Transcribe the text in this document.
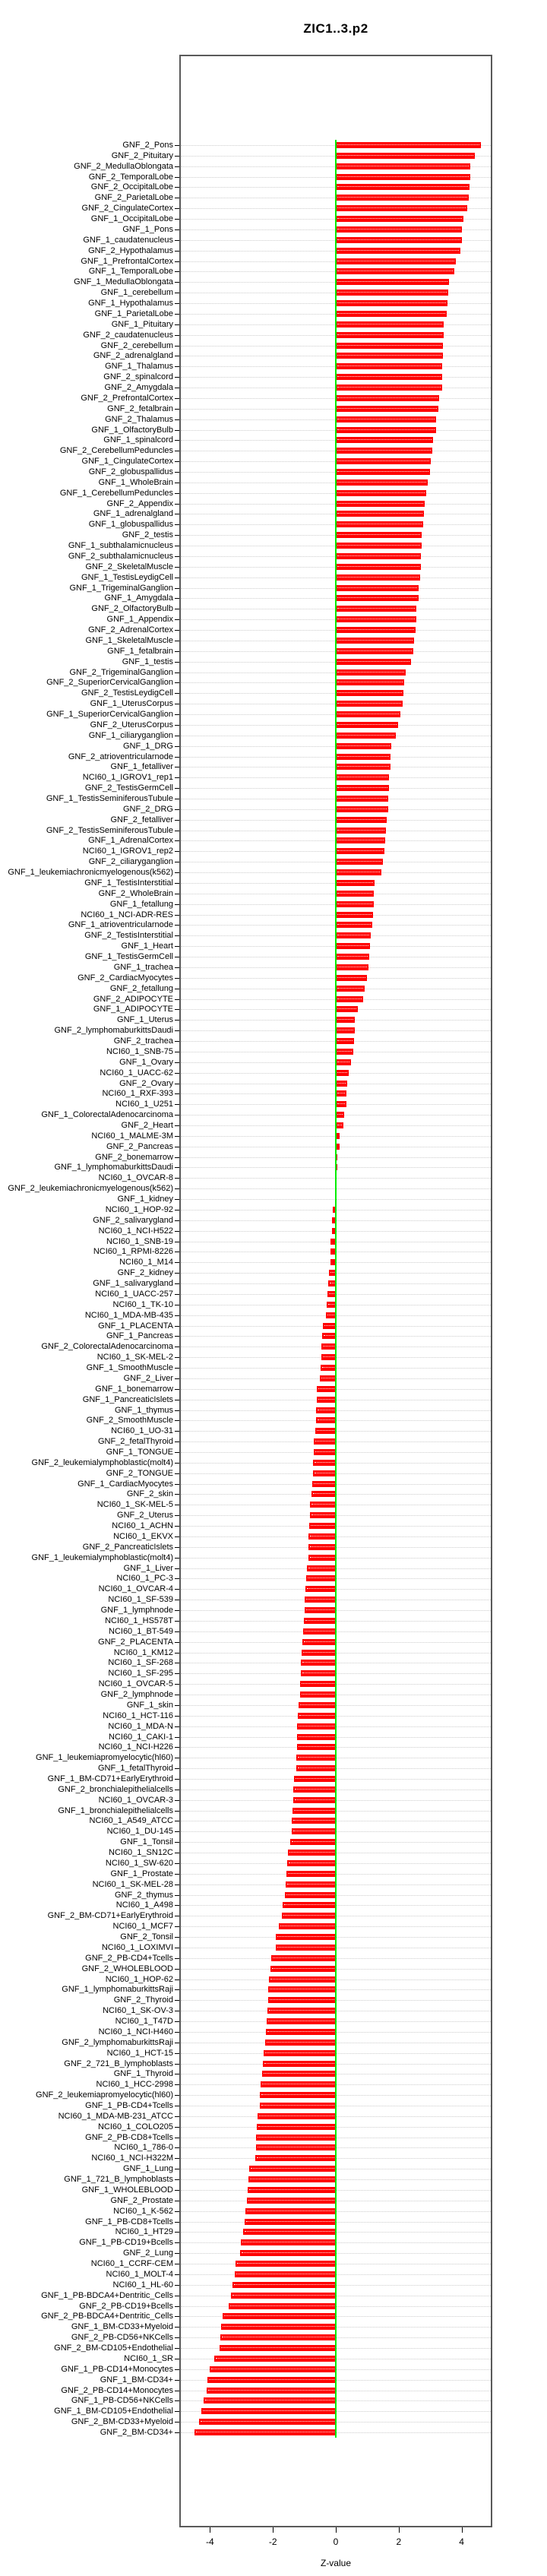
ZIC1..3.p2
GNF_2_Pons
GNF_2_Pituitary
GNF_2_MedullaOblongata
GNF_2_TemporalLobe
GNF_2_OccipitalLobe
GNF_2_ParietalLobe
GNF_2_CingulateCortex
GNF_1_OccipitalLobe
GNF_1_Pons
GNF_1_caudatenucleus
GNF_2_Hypothalamus
GNF_1_PrefrontalCortex
GNF_1_TemporalLobe
GNF_1_MedullaOblongata
GNF_1_cerebellum
GNF_1_Hypothalamus
GNF_1_ParietalLobe
GNF_1_Pituitary
GNF_2_caudatenucleus
GNF_2_cerebellum
GNF_2_adrenalgland
GNF_1_Thalamus
GNF_2_spinalcord
GNF_2_Amygdala
GNF_2_PrefrontalCortex
GNF_2_fetalbrain
GNF_2_Thalamus
GNF_1_OlfactoryBulb
GNF_1_spinalcord
GNF_2_CerebellumPeduncles
GNF_1_CingulateCortex
GNF_2_globuspallidus
GNF_1_WholeBrain
GNF_1_CerebellumPeduncles
GNF_2_Appendix
GNF_1_adrenalgland
GNF_1_globuspallidus
GNF_2_testis
GNF_1_subthalamicnucleus
GNF_2_subthalamicnucleus
GNF_2_SkeletalMuscle
GNF_1_TestisLeydigCell
GNF_1_TrigeminalGanglion
GNF_1_Amygdala
GNF_2_OlfactoryBulb
GNF_1_Appendix
GNF_2_AdrenalCortex
GNF_1_SkeletalMuscle
GNF_1_fetalbrain
GNF_1_testis
GNF_2_TrigeminalGanglion
GNF_2_SuperiorCervicalGanglion
GNF_2_TestisLeydigCell
GNF_1_UterusCorpus
GNF_1_SuperiorCervicalGanglion
GNF_2_UterusCorpus
GNF_1_ciliaryganglion
GNF_1_DRG
GNF_2_atrioventricularnode
GNF_1_fetalliver
NCI60_1_IGROV1_rep1
GNF_2_TestisGermCell
GNF_1_TestisSeminiferousTubule
GNF_2_DRG
GNF_2_fetalliver
GNF_2_TestisSeminiferousTubule
GNF_1_AdrenalCortex
NCI60_1_IGROV1_rep2
GNF_2_ciliaryganglion
GNF_1_leukemiachronicmyelogenous(k562)
GNF_1_TestisInterstitial
GNF_2_WholeBrain
GNF_1_fetallung
NCI60_1_NCI-ADR-RES
GNF_1_atrioventricularnode
GNF_2_TestisInterstitial
GNF_1_Heart
GNF_1_TestisGermCell
GNF_1_trachea
GNF_2_CardiacMyocytes
GNF_2_fetallung
GNF_2_ADIPOCYTE
GNF_1_ADIPOCYTE
GNF_1_Uterus
GNF_2_lymphomaburkittsDaudi
GNF_2_trachea
NCI60_1_SNB-75
GNF_1_Ovary
NCI60_1_UACC-62
GNF_2_Ovary
NCI60_1_RXF-393
NCI60_1_U251
GNF_1_ColorectalAdenocarcinoma
GNF_2_Heart
NCI60_1_MALME-3M
GNF_2_Pancreas
GNF_2_bonemarrow
GNF_1_lymphomaburkittsDaudi
NCI60_1_OVCAR-8
GNF_2_leukemiachronicmyelogenous(k562)
GNF_1_kidney
NCI60_1_HOP-92
GNF_2_salivarygland
NCI60_1_NCI-H522
NCI60_1_SNB-19
NCI60_1_RPMI-8226
NCI60_1_M14
GNF_2_kidney
GNF_1_salivarygland
NCI60_1_UACC-257
NCI60_1_TK-10
NCI60_1_MDA-MB-435
GNF_1_PLACENTA
GNF_1_Pancreas
GNF_2_ColorectalAdenocarcinoma
NCI60_1_SK-MEL-2
GNF_1_SmoothMuscle
GNF_2_Liver
GNF_1_bonemarrow
GNF_1_PancreaticIslets
GNF_1_thymus
GNF_2_SmoothMuscle
NCI60_1_UO-31
GNF_2_fetalThyroid
GNF_1_TONGUE
GNF_2_leukemialymphoblastic(molt4)
GNF_2_TONGUE
GNF_1_CardiacMyocytes
GNF_2_skin
NCI60_1_SK-MEL-5
GNF_2_Uterus
NCI60_1_ACHN
NCI60_1_EKVX
GNF_2_PancreaticIslets
GNF_1_leukemialymphoblastic(molt4)
GNF_1_Liver
NCI60_1_PC-3
NCI60_1_OVCAR-4
NCI60_1_SF-539
GNF_1_lymphnode
NCI60_1_HS578T
NCI60_1_BT-549
GNF_2_PLACENTA
NCI60_1_KM12
NCI60_1_SF-268
NCI60_1_SF-295
NCI60_1_OVCAR-5
GNF_2_lymphnode
GNF_1_skin
NCI60_1_HCT-116
NCI60_1_MDA-N
NCI60_1_CAKI-1
NCI60_1_NCI-H226
GNF_1_leukemiapromyelocytic(hl60)
GNF_1_fetalThyroid
GNF_1_BM-CD71+EarlyErythroid
GNF_2_bronchialepithelialcells
NCI60_1_OVCAR-3
GNF_1_bronchialepithelialcells
NCI60_1_A549_ATCC
NCI60_1_DU-145
GNF_1_Tonsil
NCI60_1_SN12C
NCI60_1_SW-620
GNF_1_Prostate
NCI60_1_SK-MEL-28
GNF_2_thymus
NCI60_1_A498
GNF_2_BM-CD71+EarlyErythroid
NCI60_1_MCF7
GNF_2_Tonsil
NCI60_1_LOXIMVI
GNF_2_PB-CD4+Tcells
GNF_2_WHOLEBLOOD
NCI60_1_HOP-62
GNF_1_lymphomaburkittsRaji
GNF_2_Thyroid
NCI60_1_SK-OV-3
NCI60_1_T47D
NCI60_1_NCI-H460
GNF_2_lymphomaburkittsRaji
NCI60_1_HCT-15
GNF_2_721_B_lymphoblasts
GNF_1_Thyroid
NCI60_1_HCC-2998
GNF_2_leukemiapromyelocytic(hl60)
GNF_1_PB-CD4+Tcells
NCI60_1_MDA-MB-231_ATCC
NCI60_1_COLO205
GNF_2_PB-CD8+Tcells
NCI60_1_786-0
NCI60_1_NCI-H322M
GNF_1_Lung
GNF_1_721_B_lymphoblasts
GNF_1_WHOLEBLOOD
GNF_2_Prostate
NCI60_1_K-562
GNF_1_PB-CD8+Tcells
NCI60_1_HT29
GNF_1_PB-CD19+Bcells
GNF_2_Lung
NCI60_1_CCRF-CEM
NCI60_1_MOLT-4
NCI60_1_HL-60
GNF_1_PB-BDCA4+Dentritic_Cells
GNF_2_PB-CD19+Bcells
GNF_2_PB-BDCA4+Dentritic_Cells
GNF_1_BM-CD33+Myeloid
GNF_2_PB-CD56+NKCells
GNF_2_BM-CD105+Endothelial
NCI60_1_SR
GNF_1_PB-CD14+Monocytes
GNF_1_BM-CD34+
GNF_2_PB-CD14+Monocytes
GNF_1_PB-CD56+NKCells
GNF_1_BM-CD105+Endothelial
GNF_2_BM-CD33+Myeloid
GNF_2_BM-CD34+
-4	-2	0	2	4
Z-value
